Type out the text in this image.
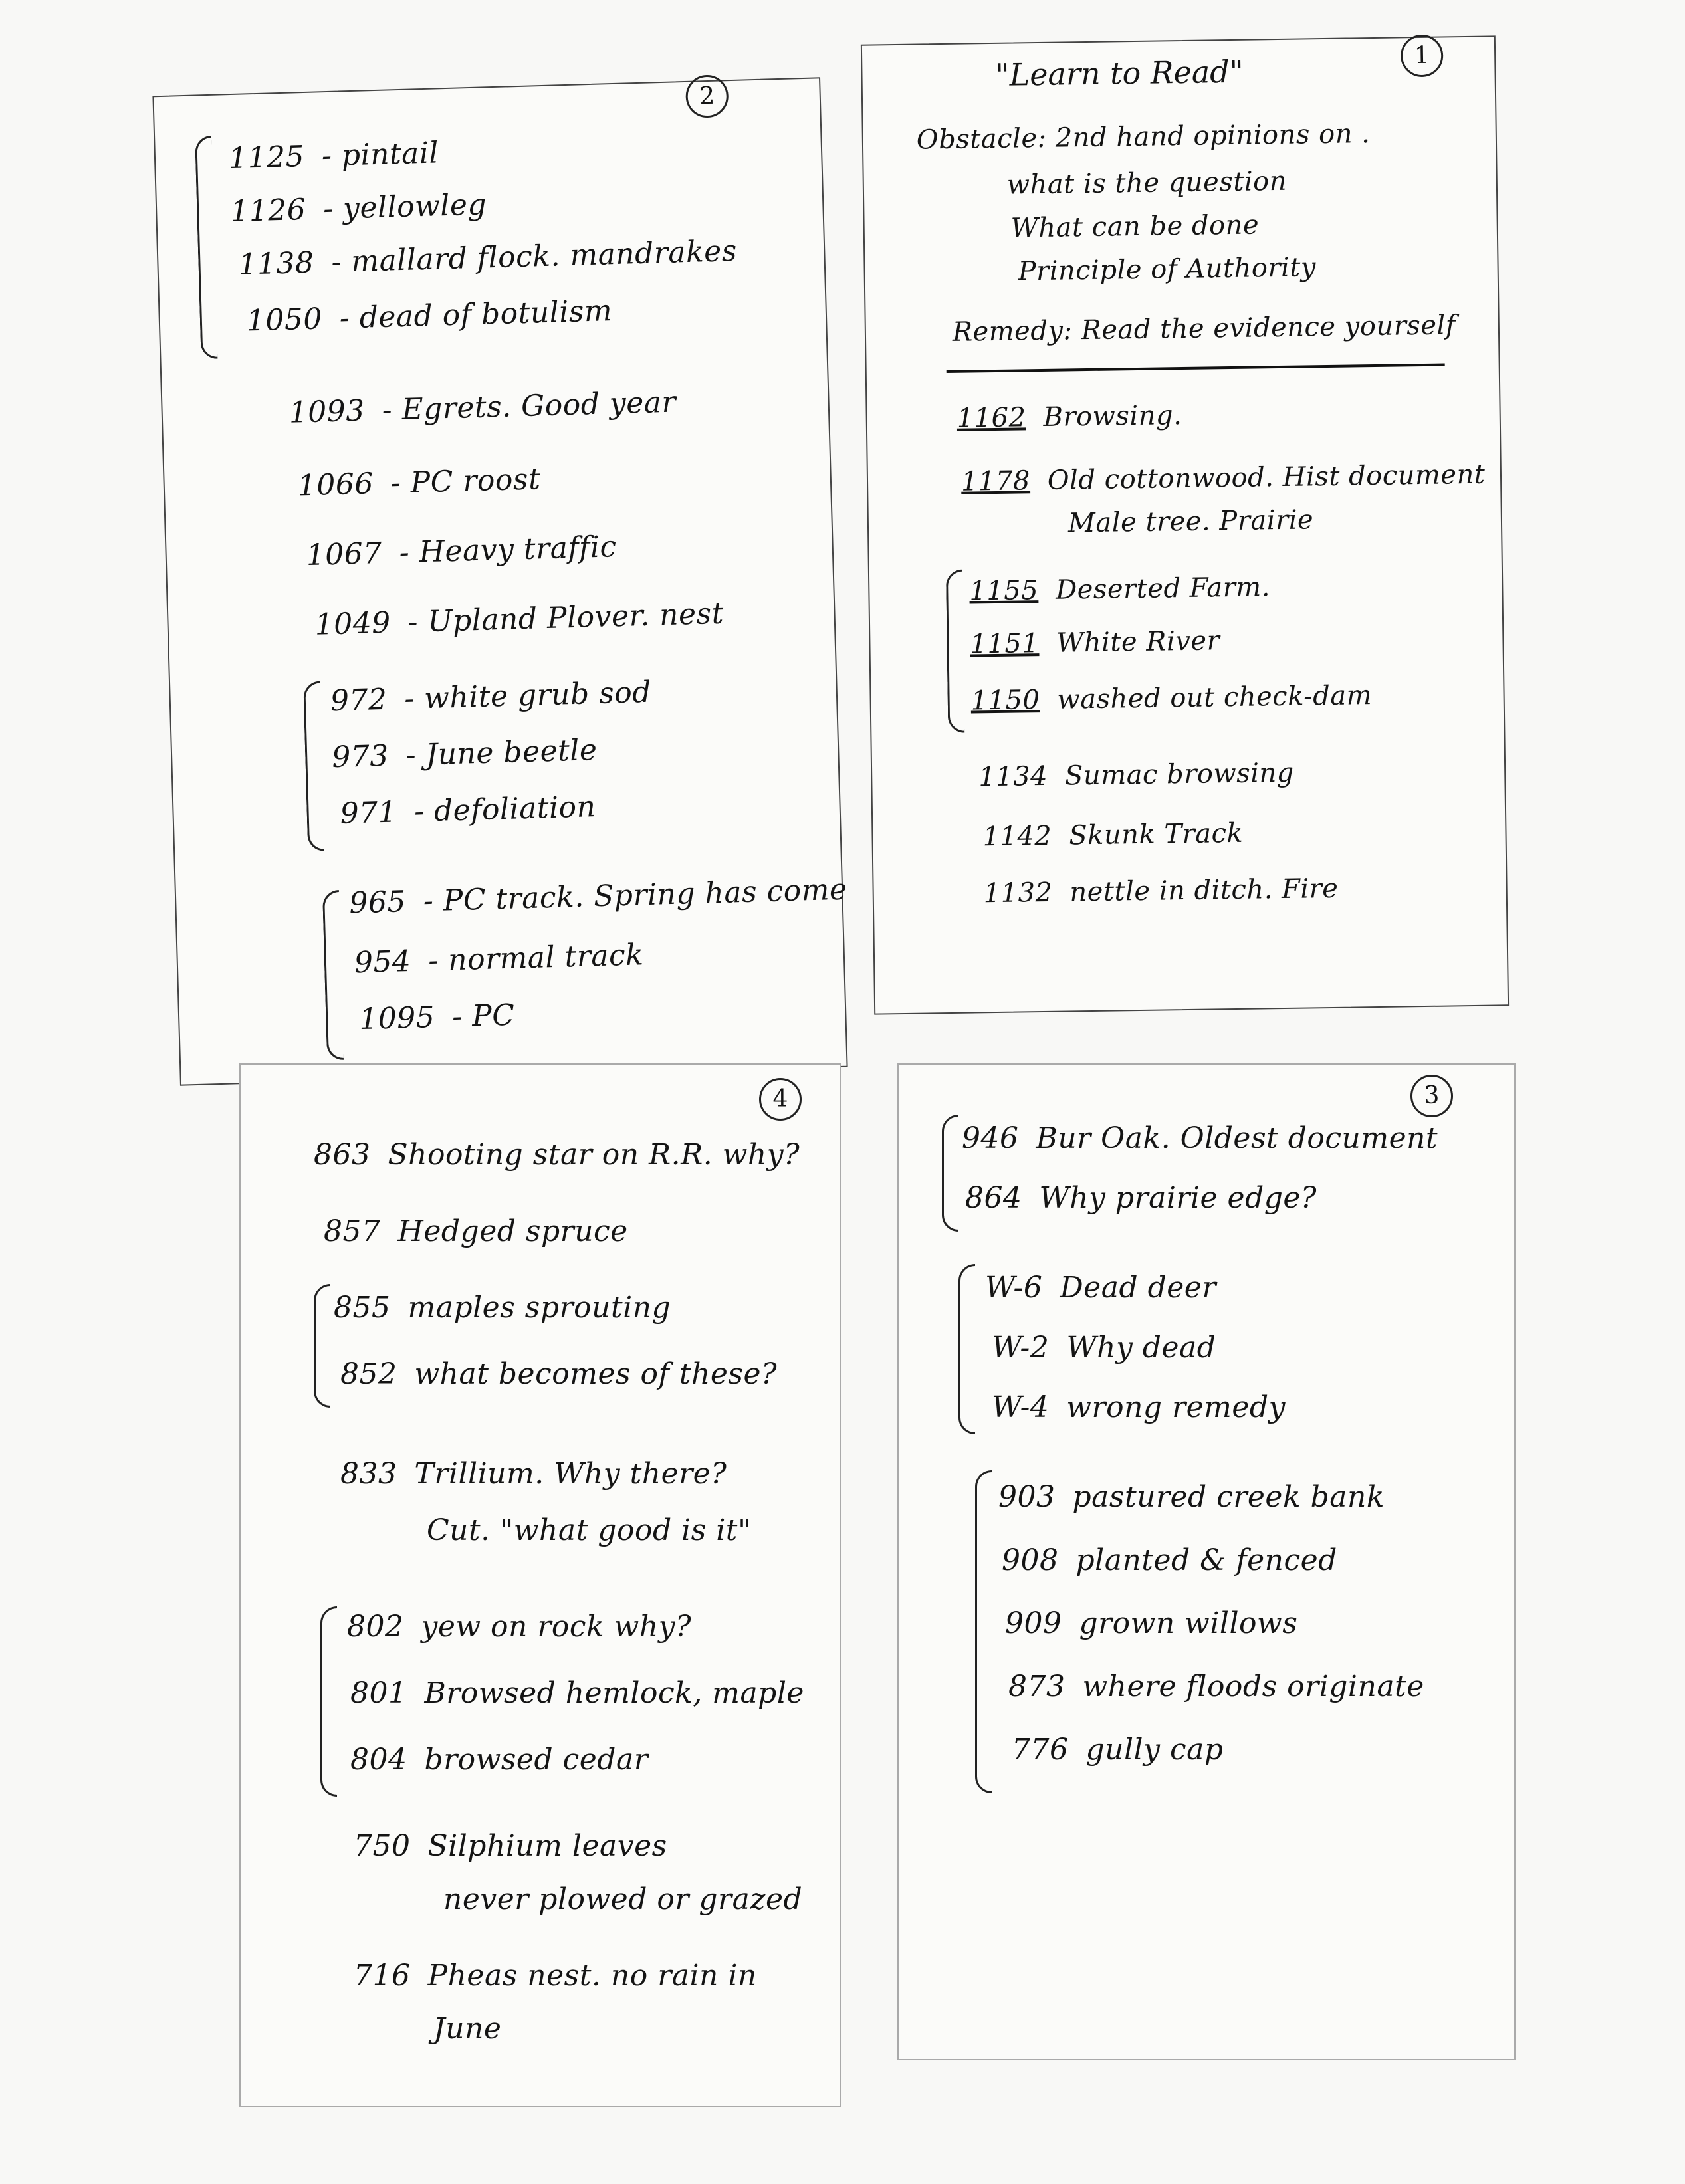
2
1125 - pintail
1126 - yellowleg
1138 - mallard flock. mandrakes
1050 - dead of botulism
1093 - Egrets. Good year
1066 - PC roost
1067 - Heavy traffic
1049 - Upland Plover. nest
972 - white grub sod
973 - June beetle
971 - defoliation
965 - PC track. Spring has come
954 - normal track
1095 - PC
1
"Learn to Read"
Obstacle: 2nd hand opinions on .
what is the question
What can be done
Principle of Authority
Remedy: Read the evidence yourself
1162 Browsing.
1178 Old cottonwood. Hist document
Male tree. Prairie
1155 Deserted Farm.
1151 White River
1150 washed out check-dam
1134 Sumac browsing
1142 Skunk Track
1132 nettle in ditch. Fire
4
863 Shooting star on R.R. why?
857 Hedged spruce
855 maples sprouting
852 what becomes of these?
833 Trillium. Why there?
Cut. "what good is it"
802 yew on rock why?
801 Browsed hemlock, maple
804 browsed cedar
750 Silphium leaves
never plowed or grazed
716 Pheas nest. no rain in
June
3
946 Bur Oak. Oldest document
864 Why prairie edge?
W-6 Dead deer
W-2 Why dead
W-4 wrong remedy
903 pastured creek bank
908 planted & fenced
909 grown willows
873 where floods originate
776 gully cap
